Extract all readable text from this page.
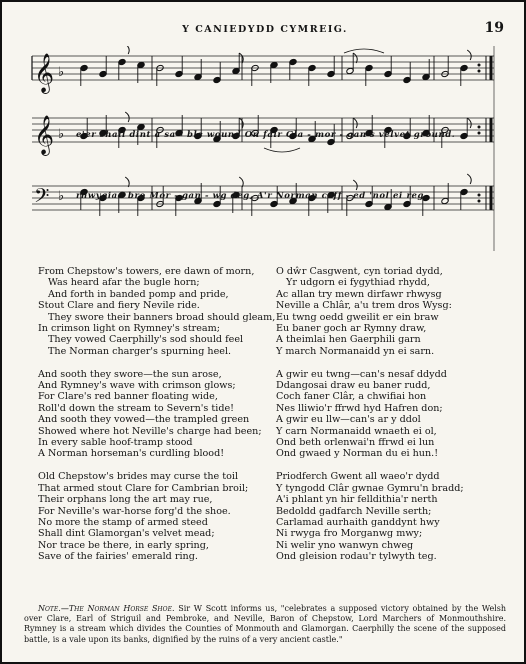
Y CANIEDYDD CYMREIG.	19
𝄞 ♭
𝄞 ♭
𝄢 ♭
e'er shall dint a sa - ble wound On fair Gla - mor - gan's velvet ground.
rhwygiad bro Mor - gan - wg deg, A'r Norman caff - ed 'nol ei reg.
From Chepstow's towers, ere dawn of morn,
Was heard afar the bugle horn;
And forth in banded pomp and pride,
Stout Clare and fiery Nevile ride.
They swore their banners broad should gleam,
In crimson light on Rymney's stream;
They vowed Caerphilly's sod should feel
The Norman charger's spurning heel.
And sooth they swore—the sun arose,
And Rymney's wave with crimson glows;
For Clare's red banner floating wide,
Roll'd down the stream to Severn's tide!
And sooth they vowed—the trampled green
Showed where hot Neville's charge had been;
In every sable hoof-tramp stood
A Norman horseman's curdling blood!
Old Chepstow's brides may curse the toil
That armed stout Clare for Cambrian broil;
Their orphans long the art may rue,
For Neville's war-horse forg'd the shoe.
No more the stamp of armed steed
Shall dint Glamorgan's velvet mead;
Nor trace be there, in early spring,
Save of the fairies' emerald ring.
O dŵr Casgwent, cyn toriad dydd,
Yr udgorn ei fygythiad rhydd,
Ac allan try mewn dirfawr rhwysg
Neville a Chlâr, a'u trem dros Wysg:
Eu twng oedd gweilit er ein braw
Eu baner goch ar Rymny draw,
A theimlai hen Gaerphili garn
Y march Normanaidd yn ei sarn.
A gwir eu twng—can's nesaf ddydd
Ddangosai draw eu baner rudd,
Coch faner Clâr, a chwifiai hon
Nes lliwio'r ffrwd hyd Hafren don;
A gwir eu llw—can's ar y ddol
Y carn Normanaidd wnaeth ei ol,
Ond beth orlenwai'n ffrwd ei lun
Ond gwaed y Norman du ei hun.!
Priodferch Gwent all waeo'r dydd
Y tyngodd Clâr gwnae Gymru'n bradd;
A'i phlant yn hir felldithia'r nerth
Bedoldd gadfarch Neville serth;
Carlamad aurhaith ganddynt hwy
Ni rwyga fro Morganwg mwy;
Ni welir yno wanwyn chweg
Ond gleision rodau'r tylwyth teg.
Note.—The Norman Horse Shoe. Sir W Scott informs us, "celebrates a supposed victory obtained by the Welsh over Clare, Earl of Striguil and Pembroke, and Neville, Baron of Chepstow, Lord Marchers of Monmouthshire. Rymney is a stream which divides the Counties of Monmouth and Glamorgan. Caerphilly the scene of the supposed battle, is a vale upon its banks, dignified by the ruins of a very ancient castle."
